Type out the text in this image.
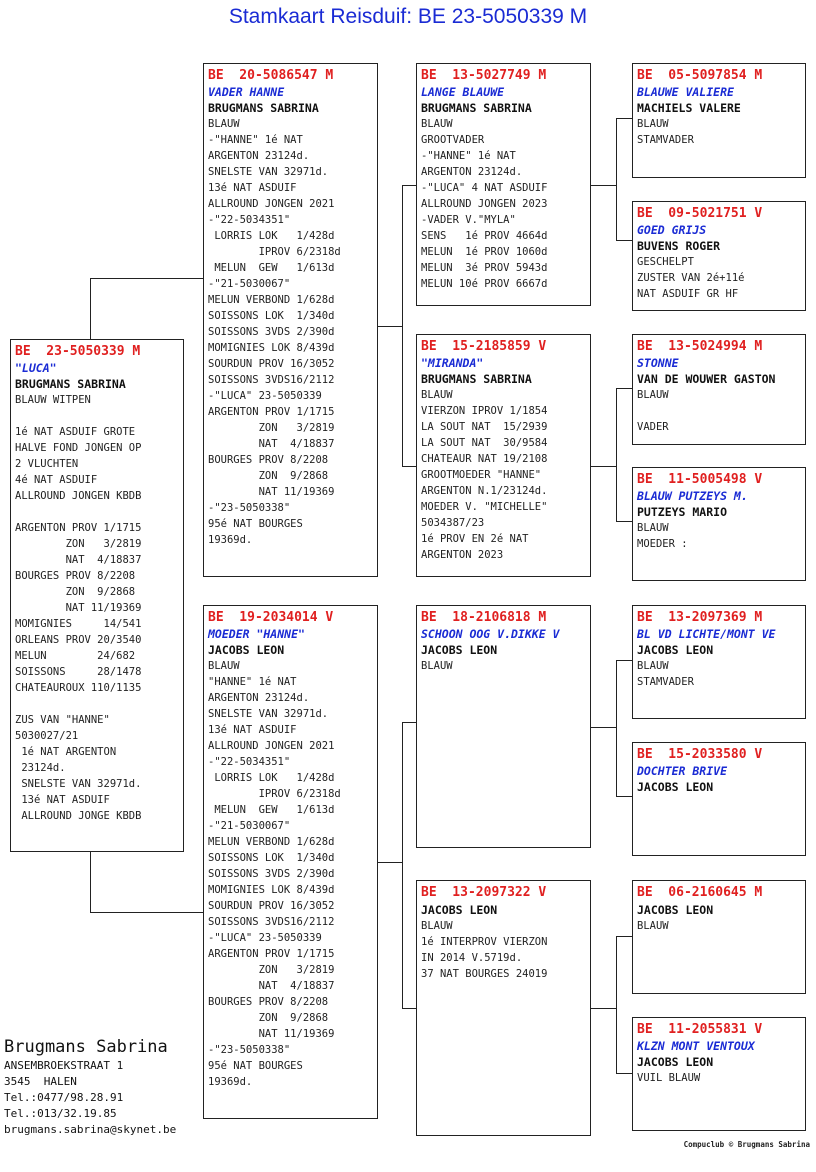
Stamkaart Reisduif: BE 23-5050339 M
BE  23-5050339 M
"LUCA"
BRUGMANS SABRINA
BLAUW WITPEN
1é NAT ASDUIF GROTE
HALVE FOND JONGEN OP
2 VLUCHTEN
4é NAT ASDUIF
ALLROUND JONGEN KBDB
ARGENTON PROV 1/1715
ZON   3/2819
NAT  4/18837
BOURGES PROV 8/2208
ZON  9/2868
NAT 11/19369
MOMIGNIES     14/541
ORLEANS PROV 20/3540
MELUN        24/682
SOISSONS     28/1478
CHATEAUROUX 110/1135
ZUS VAN "HANNE"
5030027/21
1é NAT ARGENTON
23124d.
SNELSTE VAN 32971d.
13é NAT ASDUIF
ALLROUND JONGE KBDB
BE  20-5086547 M
VADER HANNE
BRUGMANS SABRINA
BLAUW
-"HANNE" 1é NAT
ARGENTON 23124d.
SNELSTE VAN 32971d.
13é NAT ASDUIF
ALLROUND JONGEN 2021
-"22-5034351"
LORRIS LOK   1/428d
IPROV 6/2318d
MELUN  GEW   1/613d
-"21-5030067"
MELUN VERBOND 1/628d
SOISSONS LOK  1/340d
SOISSONS 3VDS 2/390d
MOMIGNIES LOK 8/439d
SOURDUN PROV 16/3052
SOISSONS 3VDS16/2112
-"LUCA" 23-5050339
ARGENTON PROV 1/1715
ZON   3/2819
NAT  4/18837
BOURGES PROV 8/2208
ZON  9/2868
NAT 11/19369
-"23-5050338"
95é NAT BOURGES
19369d.
BE  19-2034014 V
MOEDER "HANNE"
JACOBS LEON
BLAUW
"HANNE" 1é NAT
ARGENTON 23124d.
SNELSTE VAN 32971d.
13é NAT ASDUIF
ALLROUND JONGEN 2021
-"22-5034351"
LORRIS LOK   1/428d
IPROV 6/2318d
MELUN  GEW   1/613d
-"21-5030067"
MELUN VERBOND 1/628d
SOISSONS LOK  1/340d
SOISSONS 3VDS 2/390d
MOMIGNIES LOK 8/439d
SOURDUN PROV 16/3052
SOISSONS 3VDS16/2112
-"LUCA" 23-5050339
ARGENTON PROV 1/1715
ZON   3/2819
NAT  4/18837
BOURGES PROV 8/2208
ZON  9/2868
NAT 11/19369
-"23-5050338"
95é NAT BOURGES
19369d.
BE  13-5027749 M
LANGE BLAUWE
BRUGMANS SABRINA
BLAUW
GROOTVADER
-"HANNE" 1é NAT
ARGENTON 23124d.
-"LUCA" 4 NAT ASDUIF
ALLROUND JONGEN 2023
-VADER V."MYLA"
SENS   1é PROV 4664d
MELUN  1é PROV 1060d
MELUN  3é PROV 5943d
MELUN 10é PROV 6667d
BE  15-2185859 V
"MIRANDA"
BRUGMANS SABRINA
BLAUW
VIERZON IPROV 1/1854
LA SOUT NAT  15/2939
LA SOUT NAT  30/9584
CHATEAUR NAT 19/2108
GROOTMOEDER "HANNE"
ARGENTON N.1/23124d.
MOEDER V. "MICHELLE"
5034387/23
1é PROV EN 2é NAT
ARGENTON 2023
BE  18-2106818 M
SCHOON OOG V.DIKKE V
JACOBS LEON
BLAUW
BE  13-2097322 V
JACOBS LEON
BLAUW
1é INTERPROV VIERZON
IN 2014 V.5719d.
37 NAT BOURGES 24019
BE  05-5097854 M
BLAUWE VALIERE
MACHIELS VALERE
BLAUW
STAMVADER
BE  09-5021751 V
GOED GRIJS
BUVENS ROGER
GESCHELPT
ZUSTER VAN 2é+11é
NAT ASDUIF GR HF
BE  13-5024994 M
STONNE
VAN DE WOUWER GASTON
BLAUW
VADER
BE  11-5005498 V
BLAUW PUTZEYS M.
PUTZEYS MARIO
BLAUW
MOEDER :
BE  13-2097369 M
BL VD LICHTE/MONT VE
JACOBS LEON
BLAUW
STAMVADER
BE  15-2033580 V
DOCHTER BRIVE
JACOBS LEON
BE  06-2160645 M
JACOBS LEON
BLAUW
BE  11-2055831 V
KLZN MONT VENTOUX
JACOBS LEON
VUIL BLAUW
Brugmans Sabrina
ANSEMBROEKSTRAAT 1
3545  HALEN
Tel.:0477/98.28.91
Tel.:013/32.19.85
brugmans.sabrina@skynet.be
Compuclub © Brugmans Sabrina
